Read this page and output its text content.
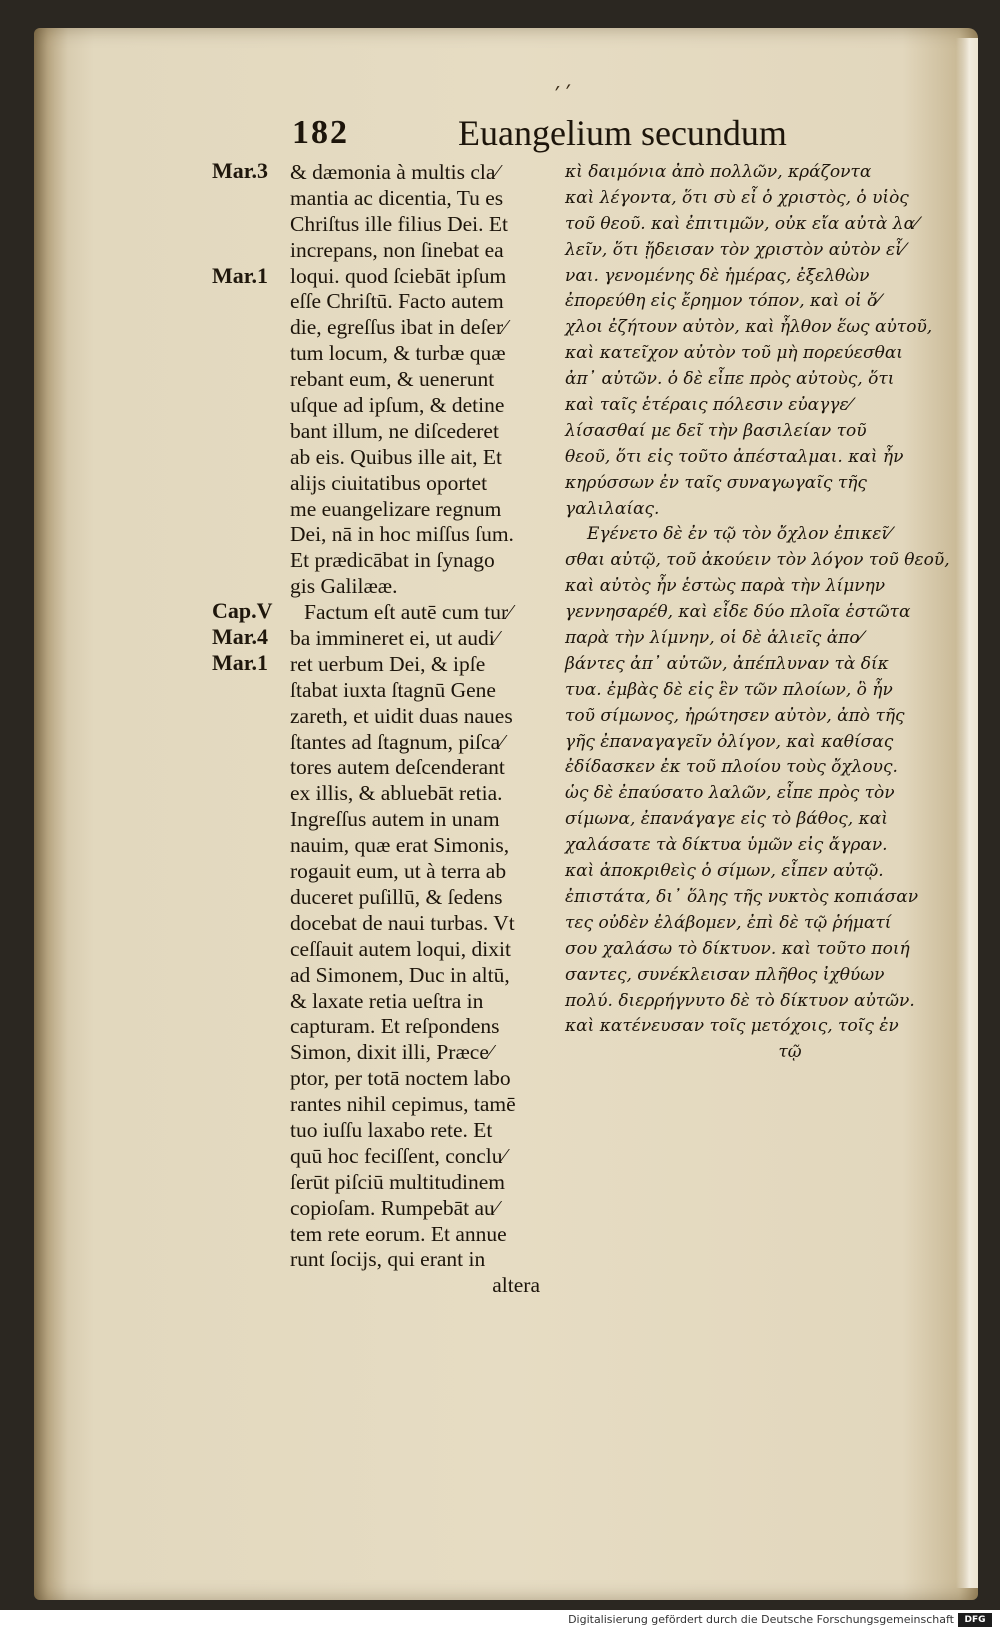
´´
182	Euangelium secundum
Mar.3
Mar.1
Cap.V
Mar.4
Mar.1
& dæmonia à multis cla⁄
mantia ac dicentia, Tu es
Chriſtus ille filius Dei. Et
increpans, non ſinebat ea
loqui. quod ſciebāt ipſum
eſſe Chriſtū. Facto autem
die, egreſſus ibat in deſer⁄
tum locum, & turbæ quæ
rebant eum, & uenerunt
uſque ad ipſum, & detine
bant illum, ne diſcederet
ab eis. Quibus ille ait, Et
alijs ciuitatibus oportet
me euangelizare regnum
Dei, nā in hoc miſſus ſum.
Et prædicābat in ſynago
gis Galilææ.
Factum eſt autē cum tur⁄
ba immineret ei, ut audi⁄
ret uerbum Dei, & ipſe
ſtabat iuxta ſtagnū Gene
zareth, et uidit duas naues
ſtantes ad ſtagnum, piſca⁄
tores autem deſcenderant
ex illis, & abluebāt retia.
Ingreſſus autem in unam
nauim, quæ erat Simonis,
rogauit eum, ut à terra ab
duceret puſillū, & ſedens
docebat de naui turbas. Vt
ceſſauit autem loqui, dixit
ad Simonem, Duc in altū,
& laxate retia ueſtra in
capturam. Et reſpondens
Simon, dixit illi, Præce⁄
ptor, per totā noctem labo
rantes nihil cepimus, tamē
tuo iuſſu laxabo rete. Et
quū hoc feciſſent, conclu⁄
ſerūt piſciū multitudinem
copioſam. Rumpebāt au⁄
tem rete eorum. Et annue
runt ſocijs, qui erant in
altera
κὶ δαιμόνια ἀπὸ πολλῶν, κράζοντα
καὶ λέγοντα, ὅτι σὺ εἶ ὁ χριστὸς, ὁ υἱὸς
τοῦ θεοῦ. καὶ ἐπιτιμῶν, οὐκ εἴα αὐτὰ λα⁄
λεῖν, ὅτι ᾔδεισαν τὸν χριστὸν αὐτὸν εἶ⁄
ναι. γενομένης δὲ ἡμέρας, ἐξελθὼν
ἐπορεύθη εἰς ἔρημον τόπον, καὶ οἱ ὄ⁄
χλοι ἐζήτουν αὐτὸν, καὶ ἦλθον ἕως αὐτοῦ,
καὶ κατεῖχον αὐτὸν τοῦ μὴ πορεύεσθαι
ἀπ᾽ αὐτῶν. ὁ δὲ εἶπε πρὸς αὐτοὺς, ὅτι
καὶ ταῖς ἑτέραις πόλεσιν εὐαγγε⁄
λίσασθαί με δεῖ τὴν βασιλείαν τοῦ
θεοῦ, ὅτι εἰς τοῦτο ἀπέσταλμαι. καὶ ἦν
κηρύσσων ἐν ταῖς συναγωγαῖς τῆς
γαλιλαίας.
Εγένετο δὲ ἐν τῷ τὸν ὄχλον ἐπικεῖ⁄
σθαι αὐτῷ, τοῦ ἀκούειν τὸν λόγον τοῦ θεοῦ,
καὶ αὐτὸς ἦν ἑστὼς παρὰ τὴν λίμνην
γεννησαρέθ, καὶ εἶδε δύο πλοῖα ἑστῶτα
παρὰ τὴν λίμνην, οἱ δὲ ἁλιεῖς ἀπο⁄
βάντες ἀπ᾽ αὐτῶν, ἀπέπλυναν τὰ δίκ
τυα. ἐμβὰς δὲ εἰς ἓν τῶν πλοίων, ὃ ἦν
τοῦ σίμωνος, ἠρώτησεν αὐτὸν, ἀπὸ τῆς
γῆς ἐπαναγαγεῖν ὀλίγον, καὶ καθίσας
ἐδίδασκεν ἐκ τοῦ πλοίου τοὺς ὄχλους.
ὡς δὲ ἐπαύσατο λαλῶν, εἶπε πρὸς τὸν
σίμωνα, ἐπανάγαγε εἰς τὸ βάθος, καὶ
χαλάσατε τὰ δίκτυα ὑμῶν εἰς ἄγραν.
καὶ ἀποκριθεὶς ὁ σίμων, εἶπεν αὐτῷ.
ἐπιστάτα, δι᾽ ὅλης τῆς νυκτὸς κοπιάσαν
τες οὐδὲν ἐλάβομεν, ἐπὶ δὲ τῷ ῥήματί
σου χαλάσω τὸ δίκτυον. καὶ τοῦτο ποιή
σαντες, συνέκλεισαν πλῆθος ἰχθύων
πολύ. διερρήγνυτο δὲ τὸ δίκτυον αὐτῶν.
καὶ κατένευσαν τοῖς μετόχοις, τοῖς ἐν
τῷ
Digitalisierung gefördert durch die Deutsche Forschungsgemeinschaft	DFG
